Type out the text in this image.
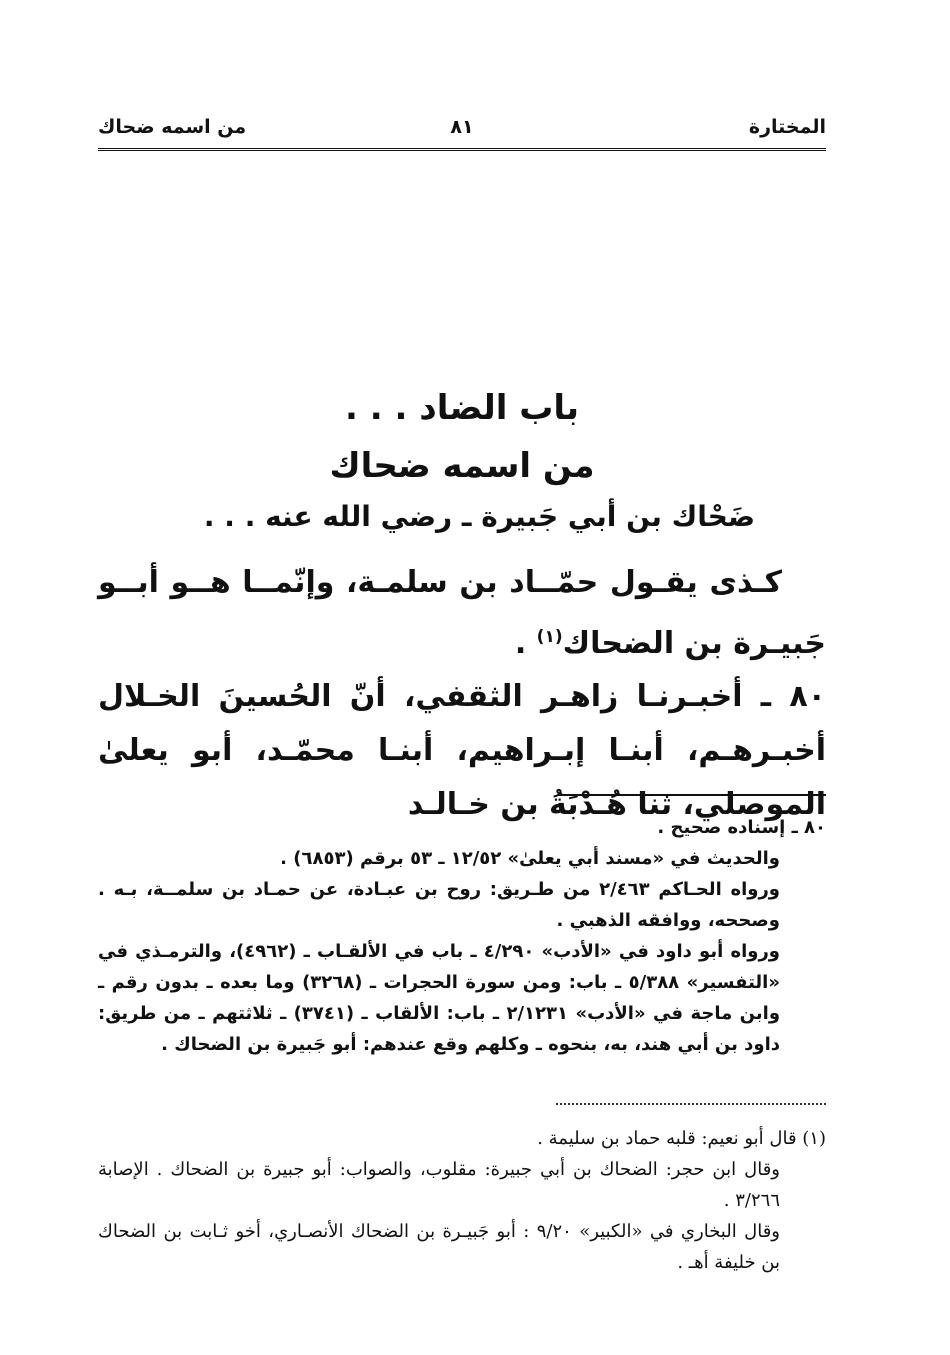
المختارة
٨١
من اسمه ضحاك
باب الضاد . . .
من اسمه ضحاك
ضَحْاك بن أبي جَبيرة ـ رضي الله عنه . . .
كـذى يقـول حمّــاد بن سلمـة، وإنّمــا هــو أبــو جَبيـرة بن الضحاك$^{(١)}$ .
٨٠ ـ أخبـرنـا زاهـر الثقفي، أنّ الحُسينَ الخـلال أخبـرهـم، أبنـا إبـراهيم، أبنـا محمّـد، أبو يعلىٰ الموصلي، ثنا هُـدْبَةُ بن خـالـد

٨٠ ـ إسناده صحيح .

والحديث في «مسند أبي يعلىٰ» ١٢/٥٢ ـ ٥٣ برقم (٦٨٥٣) .

ورواه الحـاكم ٢/٤٦٣ من طـريق: روح بن عبـادة، عن حمـاد بن سلمــة، بـه . وصححه، ووافقه الذهبي .

ورواه أبو داود في «الأدب» ٤/٢٩٠ ـ باب في الألقـاب ـ (٤٩٦٢)، والترمـذي في «التفسير» ٥/٣٨٨ ـ باب: ومن سورة الحجرات ـ (٣٢٦٨) وما بعده ـ بدون رقم ـ وابن ماجة في «الأدب» ٢/١٢٣١ ـ باب: الألقاب ـ (٣٧٤١) ـ ثلاثتهم ـ من طريق: داود بن أبي هند، به، بنحوه ـ وكلهم وقع عندهم: أبو جَبيرة بن الضحاك .

(١) قال أبو نعيم: قلبه حماد بن سليمة .

وقال ابن حجر: الضحاك بن أبي جبيرة: مقلوب، والصواب: أبو جبيرة بن الضحاك . الإصابة ٣/٢٦٦ .

وقال البخاري في «الكبير» ٩/٢٠ : أبو جَبيـرة بن الضحاك الأنصـاري، أخو ثـابت بن الضحاك بن خليفة أهـ .
